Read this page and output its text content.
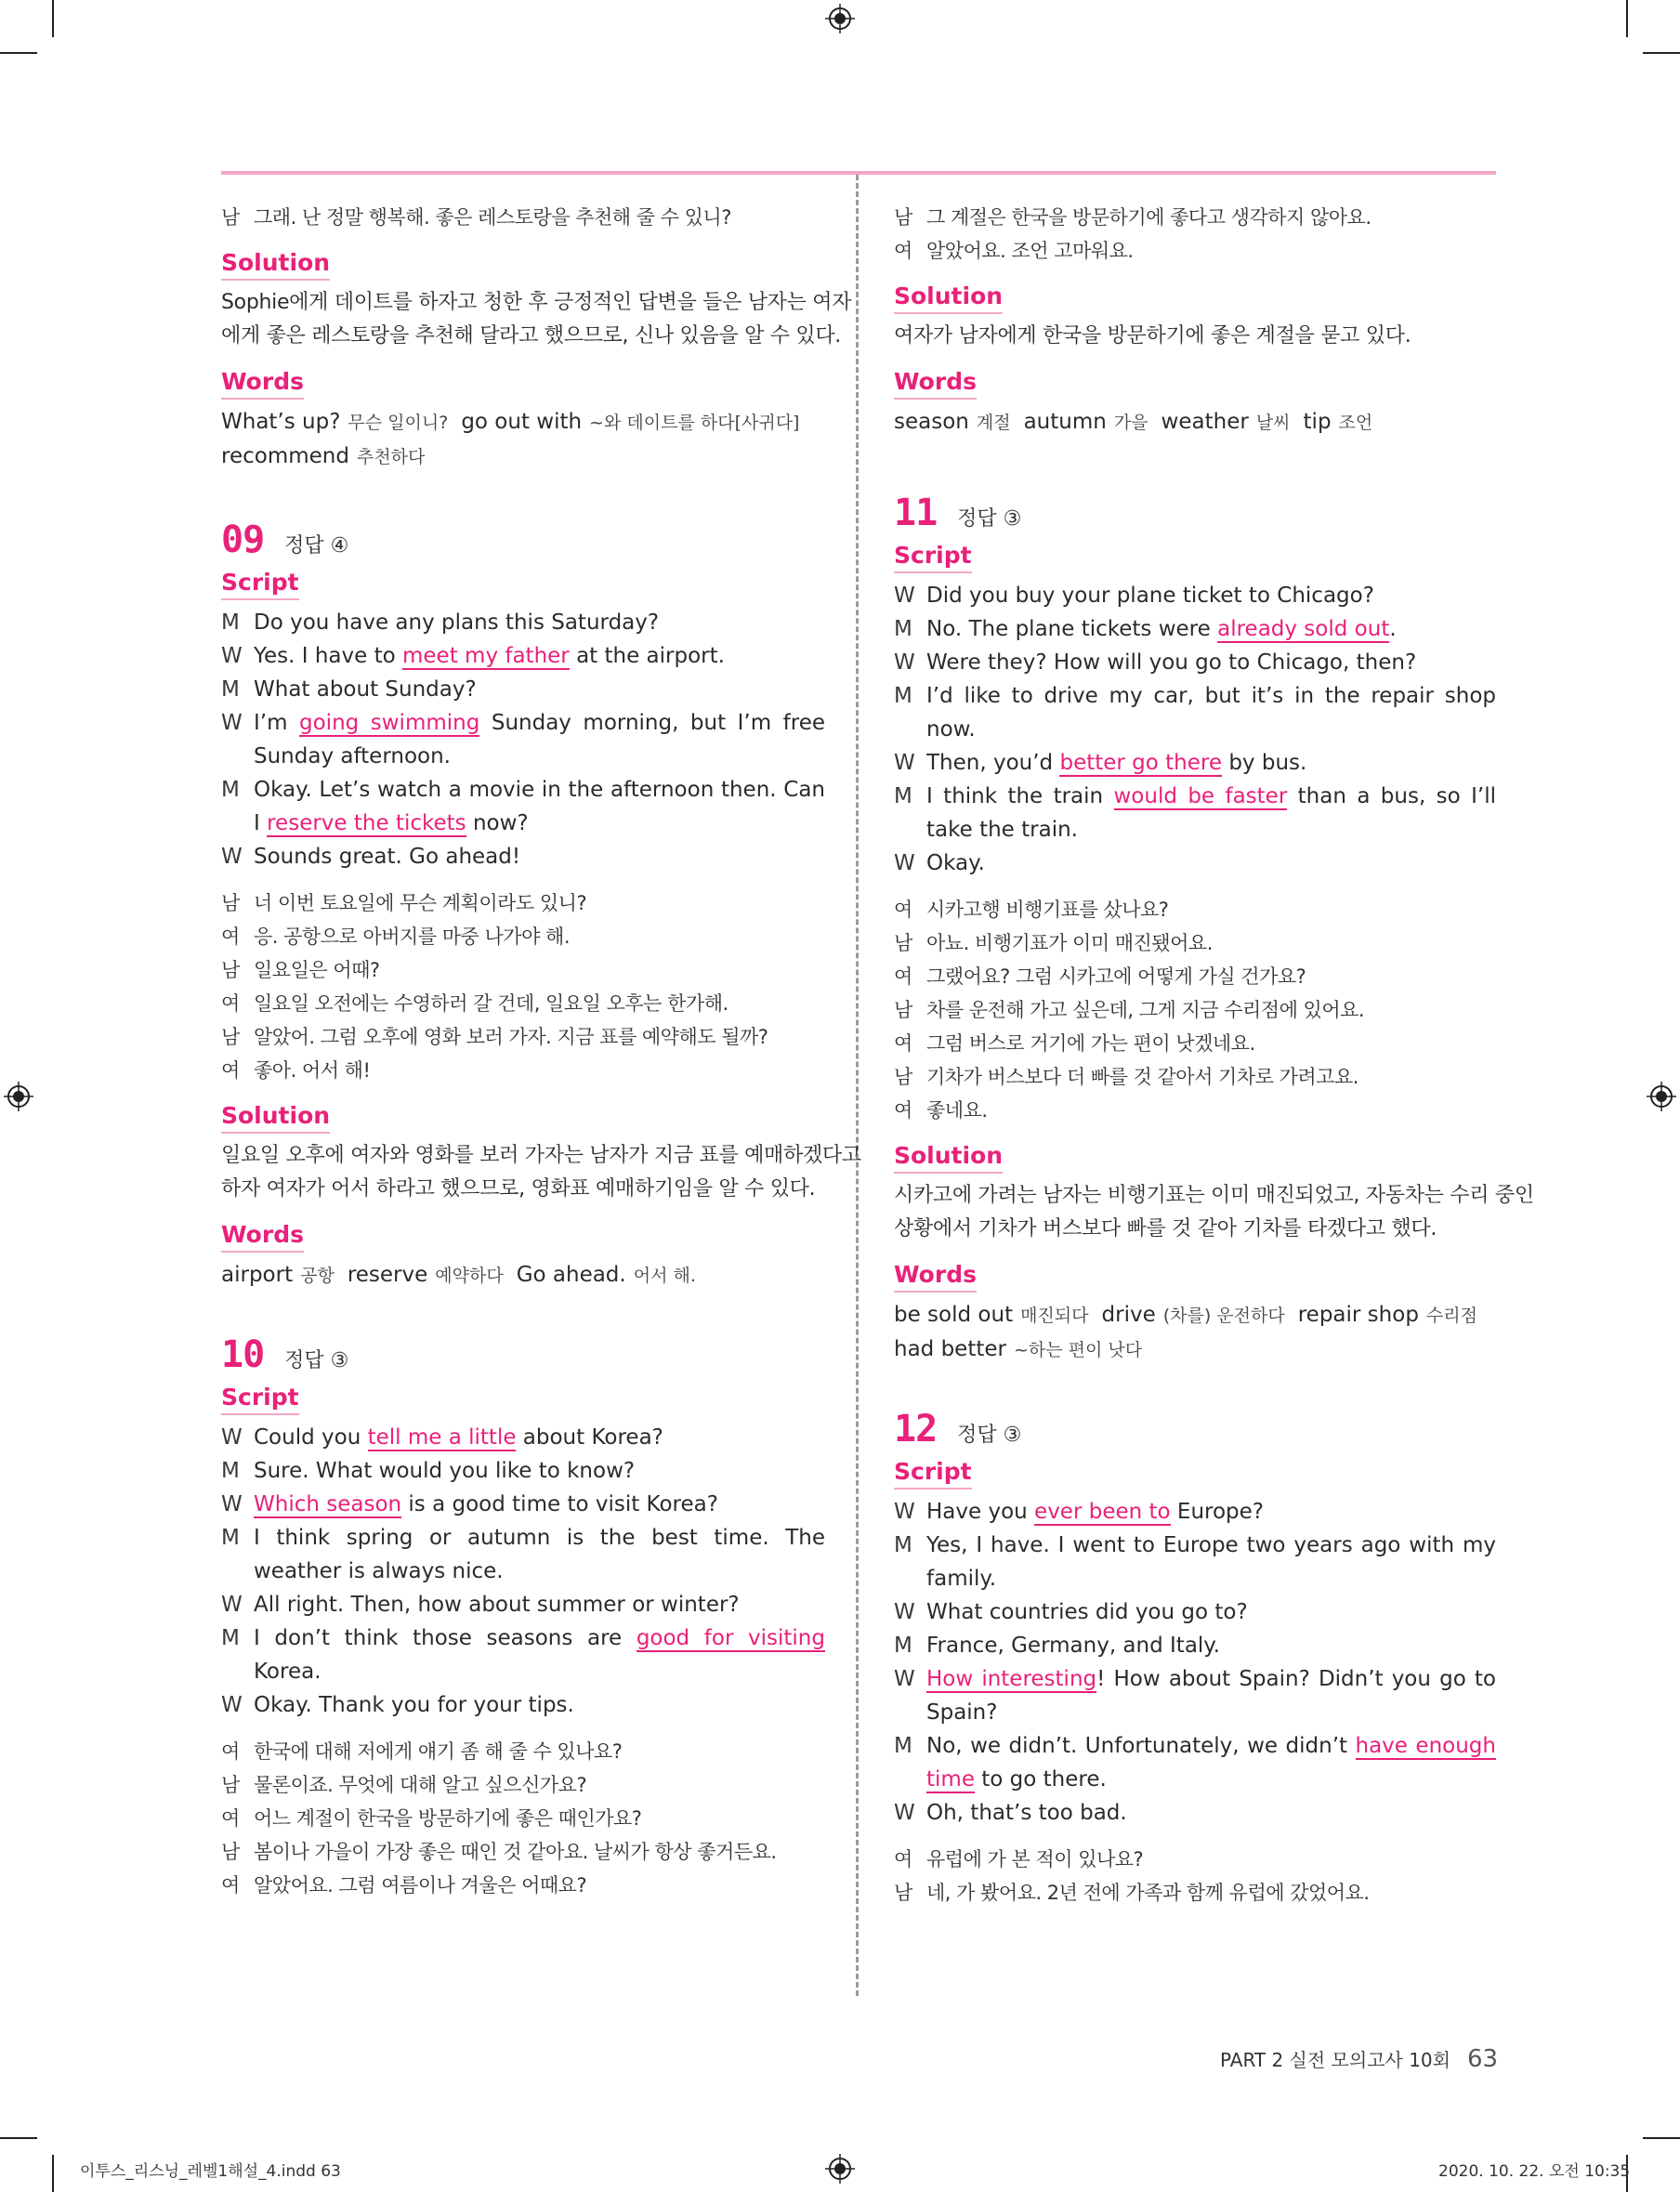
남 그래. 난 정말 행복해. 좋은 레스토랑을 추천해 줄 수 있니?
Solution
Sophie에게 데이트를 하자고 청한 후 긍정적인 답변을 들은 남자는 여자
에게 좋은 레스토랑을 추천해 달라고 했으므로, 신나 있음을 알 수 있다.
Words
What’s up? 무슨 일이니? go out with ~와 데이트를 하다[사귀다]
recommend 추천하다
09 정답 ④
Script
M Do you have any plans this Saturday?
W Yes. I have to meet my father at the airport.
M What about Sunday?
W I’m going swimming Sunday morning, but I’m free Sunday afternoon.
M Okay. Let’s watch a movie in the afternoon then. Can I reserve the tickets now?
W Sounds great. Go ahead!
남 너 이번 토요일에 무슨 계획이라도 있니?
여 응. 공항으로 아버지를 마중 나가야 해.
남 일요일은 어때?
여 일요일 오전에는 수영하러 갈 건데, 일요일 오후는 한가해.
남 알았어. 그럼 오후에 영화 보러 가자. 지금 표를 예약해도 될까?
여 좋아. 어서 해!
Solution
일요일 오후에 여자와 영화를 보러 가자는 남자가 지금 표를 예매하겠다고
하자 여자가 어서 하라고 했으므로, 영화표 예매하기임을 알 수 있다.
Words
airport 공항 reserve 예약하다 Go ahead. 어서 해.
10 정답 ③
Script
W Could you tell me a little about Korea?
M Sure. What would you like to know?
W Which season is a good time to visit Korea?
M I think spring or autumn is the best time. The weather is always nice.
W All right. Then, how about summer or winter?
M I don’t think those seasons are good for visiting Korea.
W Okay. Thank you for your tips.
여 한국에 대해 저에게 얘기 좀 해 줄 수 있나요?
남 물론이죠. 무엇에 대해 알고 싶으신가요?
여 어느 계절이 한국을 방문하기에 좋은 때인가요?
남 봄이나 가을이 가장 좋은 때인 것 같아요. 날씨가 항상 좋거든요.
여 알았어요. 그럼 여름이나 겨울은 어때요?
남 그 계절은 한국을 방문하기에 좋다고 생각하지 않아요.
여 알았어요. 조언 고마워요.
Solution
여자가 남자에게 한국을 방문하기에 좋은 계절을 묻고 있다.
Words
season 계절 autumn 가을 weather 날씨 tip 조언
11 정답 ③
Script
W Did you buy your plane ticket to Chicago?
M No. The plane tickets were already sold out.
W Were they? How will you go to Chicago, then?
M I’d like to drive my car, but it’s in the repair shop now.
W Then, you’d better go there by bus.
M I think the train would be faster than a bus, so I’ll take the train.
W Okay.
여 시카고행 비행기표를 샀나요?
남 아뇨. 비행기표가 이미 매진됐어요.
여 그랬어요? 그럼 시카고에 어떻게 가실 건가요?
남 차를 운전해 가고 싶은데, 그게 지금 수리점에 있어요.
여 그럼 버스로 거기에 가는 편이 낫겠네요.
남 기차가 버스보다 더 빠를 것 같아서 기차로 가려고요.
여 좋네요.
Solution
시카고에 가려는 남자는 비행기표는 이미 매진되었고, 자동차는 수리 중인
상황에서 기차가 버스보다 빠를 것 같아 기차를 타겠다고 했다.
Words
be sold out 매진되다 drive (차를) 운전하다 repair shop 수리점
had better ~하는 편이 낫다
12 정답 ③
Script
W Have you ever been to Europe?
M Yes, I have. I went to Europe two years ago with my family.
W What countries did you go to?
M France, Germany, and Italy.
W How interesting! How about Spain? Didn’t you go to Spain?
M No, we didn’t. Unfortunately, we didn’t have enough time to go there.
W Oh, that’s too bad.
여 유럽에 가 본 적이 있나요?
남 네, 가 봤어요. 2년 전에 가족과 함께 유럽에 갔었어요.
PART 2 실전 모의고사 10회 63
이투스_리스닝_레벨1해설_4.indd 63	2020. 10. 22. 오전 10:35
